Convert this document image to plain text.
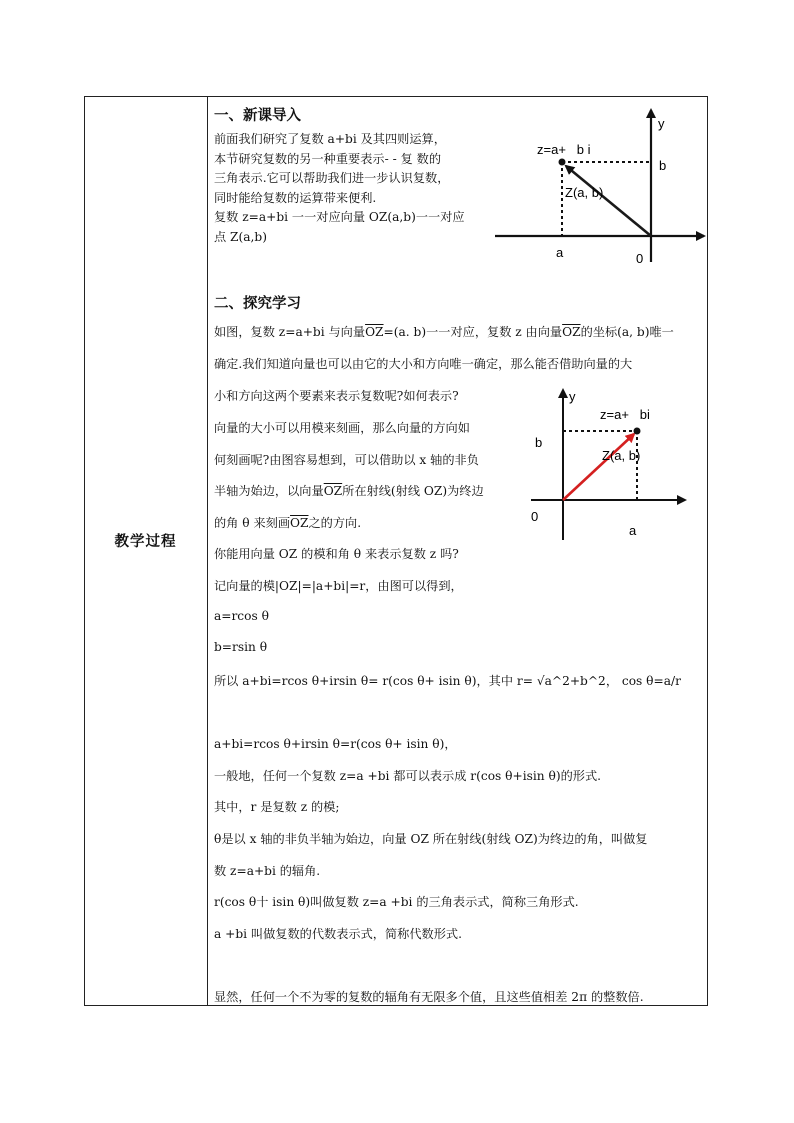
教学过程
一、新课导入
前面我们研究了复数 a+bi 及其四则运算，
本节研究复数的另一种重要表示- - 复 数的
三角表示.它可以帮助我们进一步认识复数，
同时能给复数的运算带来便利.
复数 z=a+bi 一一对应向量 OZ(a,b)一一对应
点 Z(a,b)
y
z=a+   b i
Z(a, b)
b
a	0
二、探究学习
如图，复数 z=a+bi 与向量$\overline{OZ}=(a$. b)一一对应，复数 z 由向量$\overline{OZ}$的坐标(a, b)唯一
确定.我们知道向量也可以由它的大小和方向唯一确定，那么能否借助向量的大
小和方向这两个要素来表示复数呢?如何表示?
向量的大小可以用模来刻画，那么向量的方向如
何刻画呢?由图容易想到，可以借助以 x 轴的非负
半轴为始边，以向量$\overline{OZ}$所在射线(射线 OZ)为终边
的角 θ 来刻画$\overline{OZ}$之的方向.
你能用向量 OZ 的模和角 θ 来表示复数 z 吗?
记向量的模|OZ|=|a+bi|=r，由图可以得到，
a=rcos θ
b=rsin θ
所以 a+bi=rcos θ+irsin θ= r(cos θ+ isin θ)，其中 r= √a^2+b^2， cos θ=a/r
a+bi=rcos θ+irsin θ=r(cos θ+ isin θ)，
一般地，任何一个复数 z=a +bi 都可以表示成 r(cos θ+isin θ)的形式.
其中，r 是复数 z 的模;
θ是以 x 轴的非负半轴为始边，向量 OZ 所在射线(射线 OZ)为终边的角，叫做复
数 z=a+bi 的辐角.
r(cos θ十 isin θ)叫做复数 z=a +bi 的三角表示式，简称三角形式.
a +bi 叫做复数的代数表示式，简称代数形式.
显然，任何一个不为零的复数的辐角有无限多个值，且这些值相差 2π 的整数倍.
y
z=a+   bi
Z(a, b)
b
a
0
